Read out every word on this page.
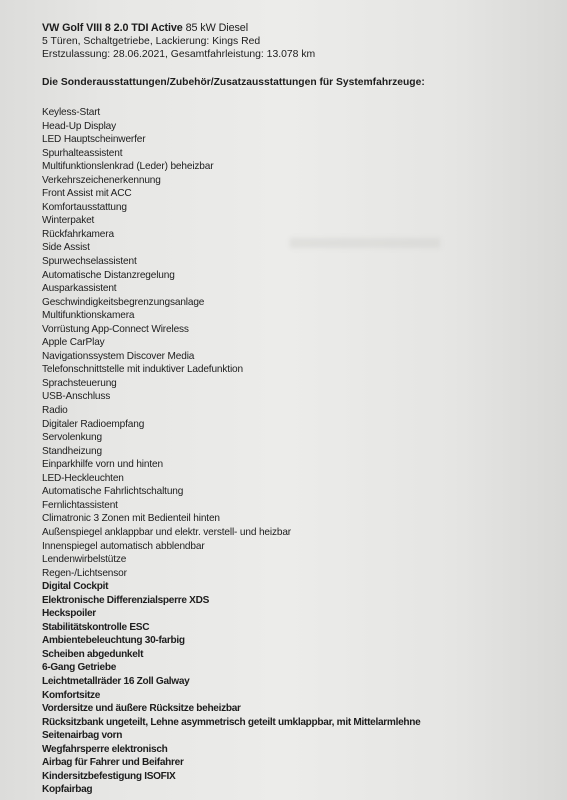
VW Golf VIII 8 2.0 TDI Active 85 kW Diesel
5 Türen, Schaltgetriebe, Lackierung: Kings Red
Erstzulassung: 28.06.2021, Gesamtfahrleistung: 13.078 km
Die Sonderausstattungen/Zubehör/Zusatzausstattungen für Systemfahrzeuge:
Keyless-Start
Head-Up Display
LED Hauptscheinwerfer
Spurhalteassistent
Multifunktionslenkrad (Leder) beheizbar
Verkehrszeichenerkennung
Front Assist mit ACC
Komfortausstattung
Winterpaket
Rückfahrkamera
Side Assist
Spurwechselassistent
Automatische Distanzregelung
Ausparkassistent
Geschwindigkeitsbegrenzungsanlage
Multifunktionskamera
Vorrüstung App-Connect Wireless
Apple CarPlay
Navigationssystem Discover Media
Telefonschnittstelle mit induktiver Ladefunktion
Sprachsteuerung
USB-Anschluss
Radio
Digitaler Radioempfang
Servolenkung
Standheizung
Einparkhilfe vorn und hinten
LED-Heckleuchten
Automatische Fahrlichtschaltung
Fernlichtassistent
Climatronic 3 Zonen mit Bedienteil hinten
Außenspiegel anklappbar und elektr. verstell- und heizbar
Innenspiegel automatisch abblendbar
Lendenwirbelstütze
Regen-/Lichtsensor
Digital Cockpit
Elektronische Differenzialsperre XDS
Heckspoiler
Stabilitätskontrolle ESC
Ambientebeleuchtung 30-farbig
Scheiben abgedunkelt
6-Gang Getriebe
Leichtmetallräder 16 Zoll Galway
Komfortsitze
Vordersitze und äußere Rücksitze beheizbar
Rücksitzbank ungeteilt, Lehne asymmetrisch geteilt umklappbar, mit Mittelarmlehne
Seitenairbag vorn
Wegfahrsperre elektronisch
Airbag für Fahrer und Beifahrer
Kindersitzbefestigung ISOFIX
Kopfairbag
